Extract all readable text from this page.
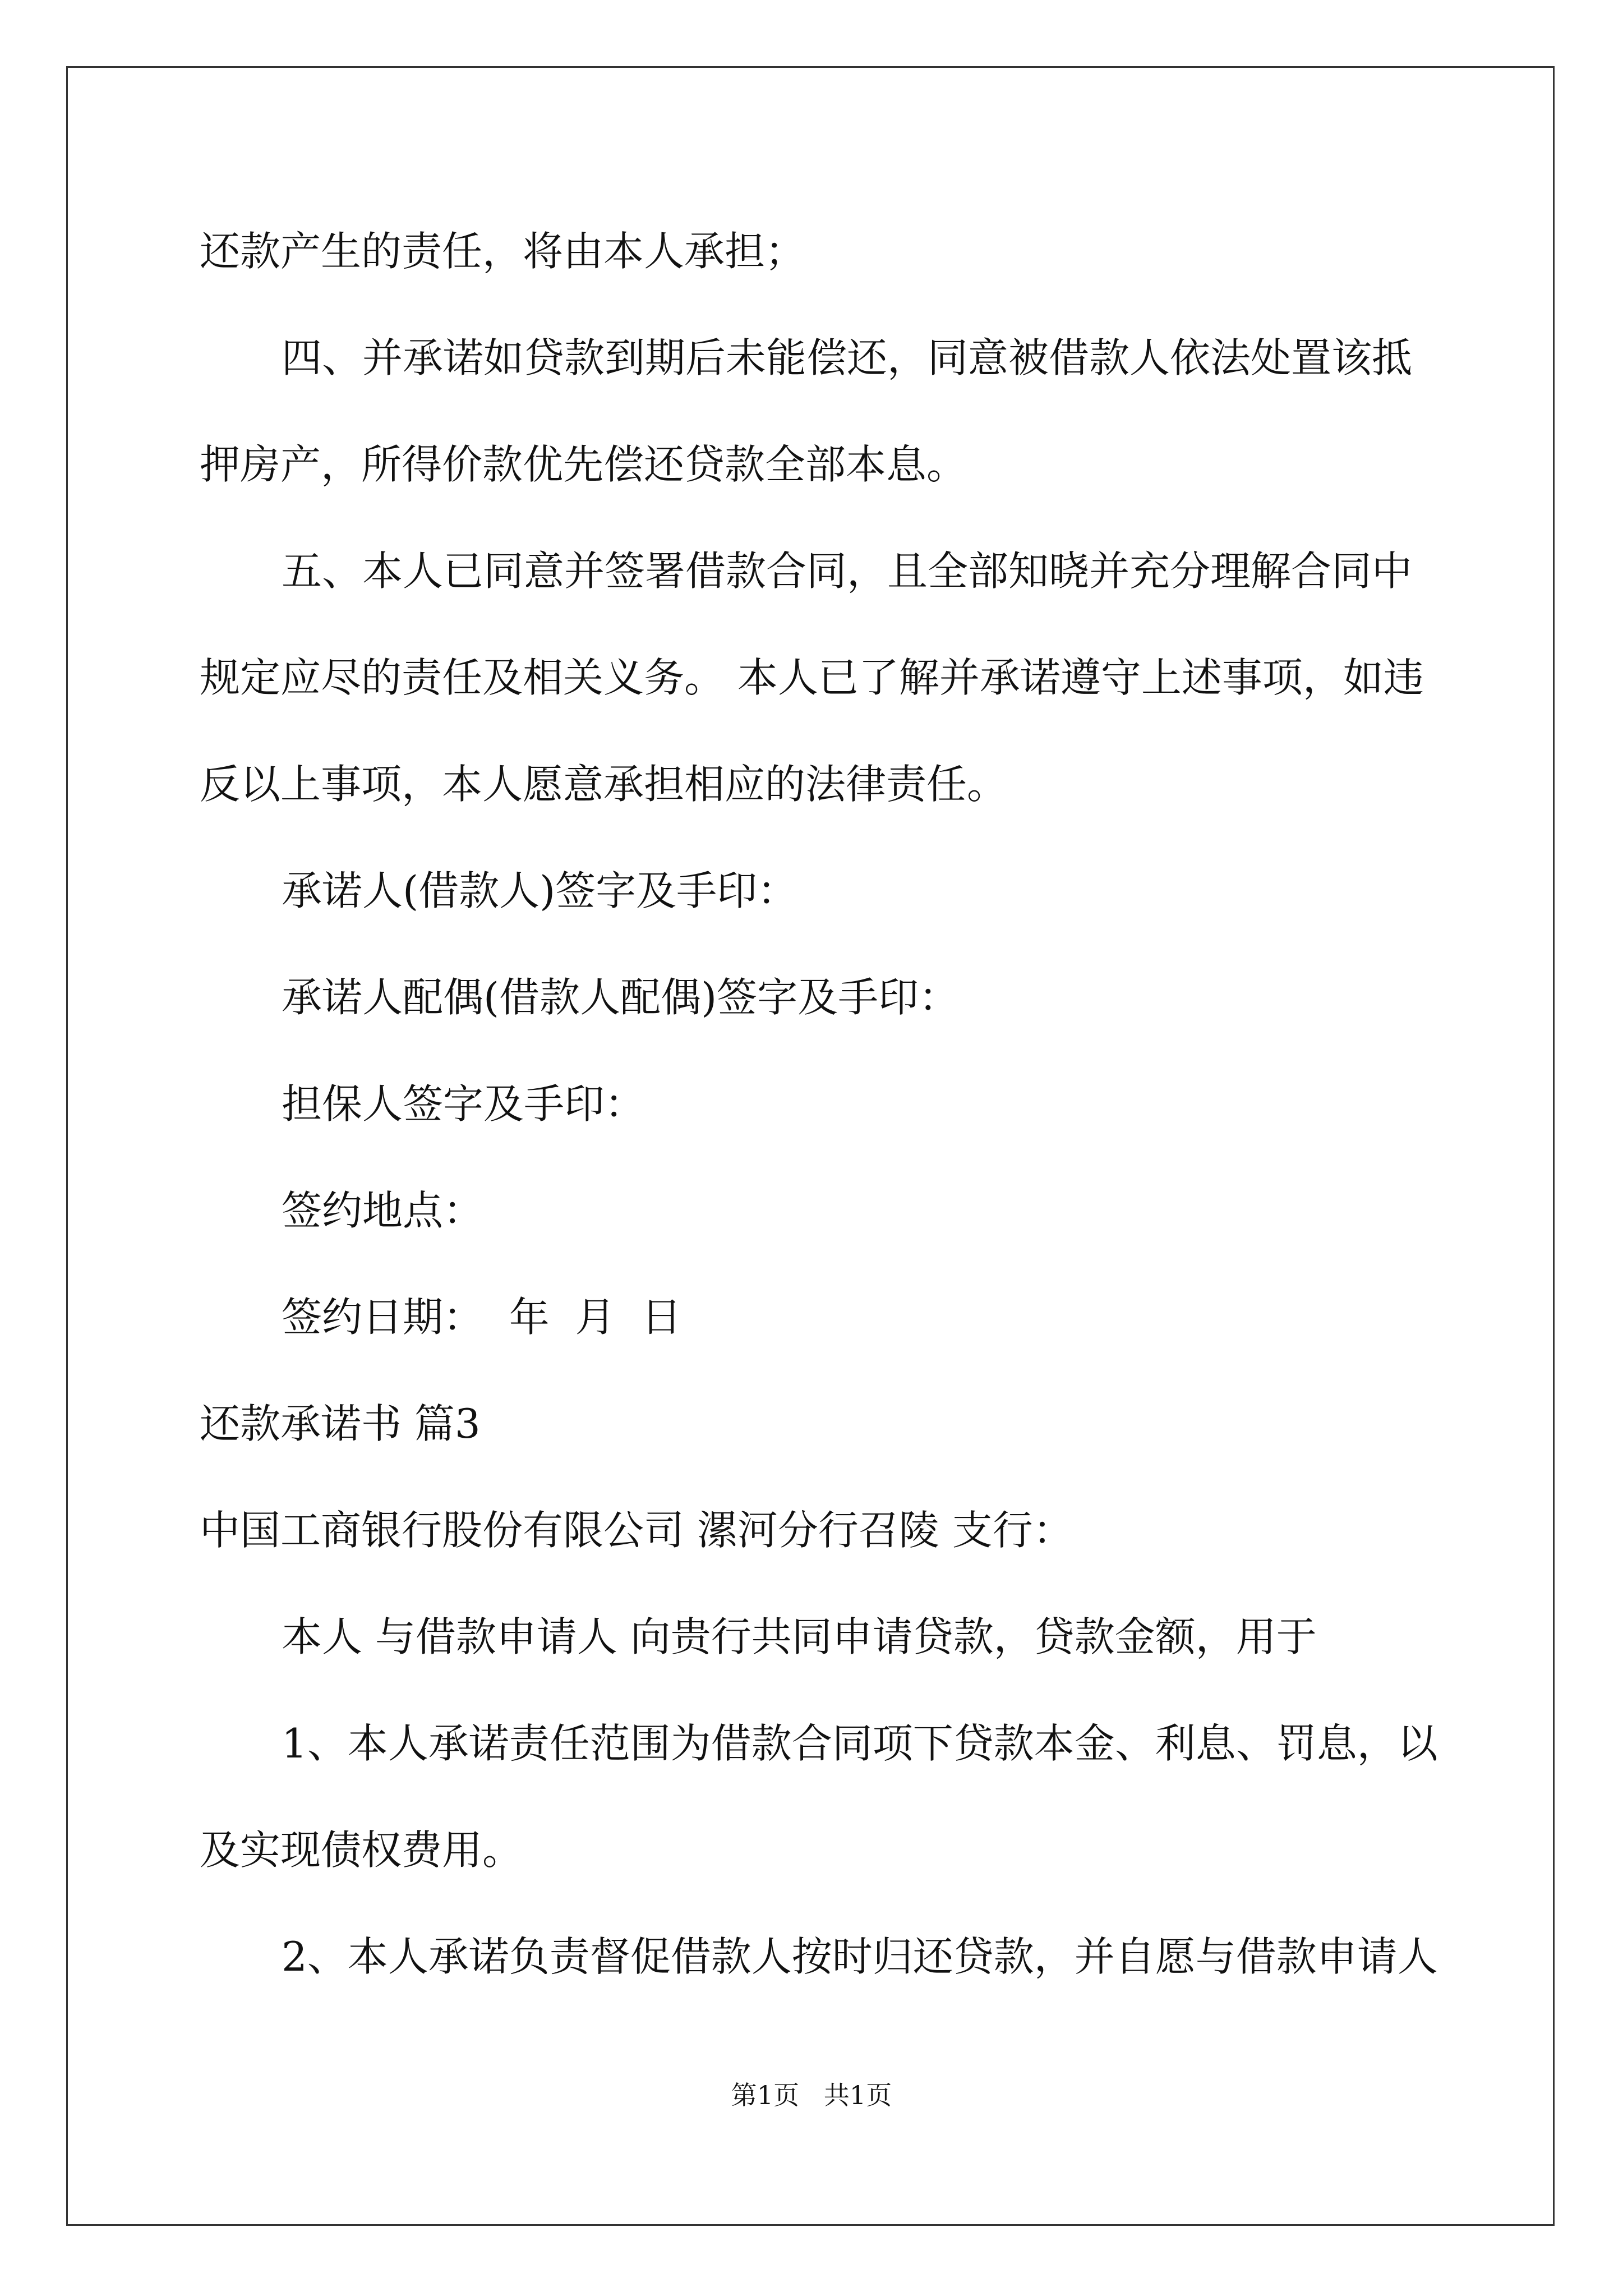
还款产生的责任，将由本人承担；
四、并承诺如贷款到期后未能偿还，同意被借款人依法处置该抵
押房产，所得价款优先偿还贷款全部本息。
五、本人已同意并签署借款合同，且全部知晓并充分理解合同中
规定应尽的责任及相关义务。 本人已了解并承诺遵守上述事项，如违
反以上事项，本人愿意承担相应的法律责任。
承诺人(借款人)签字及手印：
承诺人配偶(借款人配偶)签字及手印：
担保人签字及手印：
签约地点：
签约日期：  年  月  日
还款承诺书 篇3
中国工商银行股份有限公司 漯河分行召陵 支行：
本人 与借款申请人 向贵行共同申请贷款，贷款金额，用于
1、本人承诺责任范围为借款合同项下贷款本金、利息、罚息，以
及实现债权费用。
2、本人承诺负责督促借款人按时归还贷款，并自愿与借款申请人
第1页   共1页
